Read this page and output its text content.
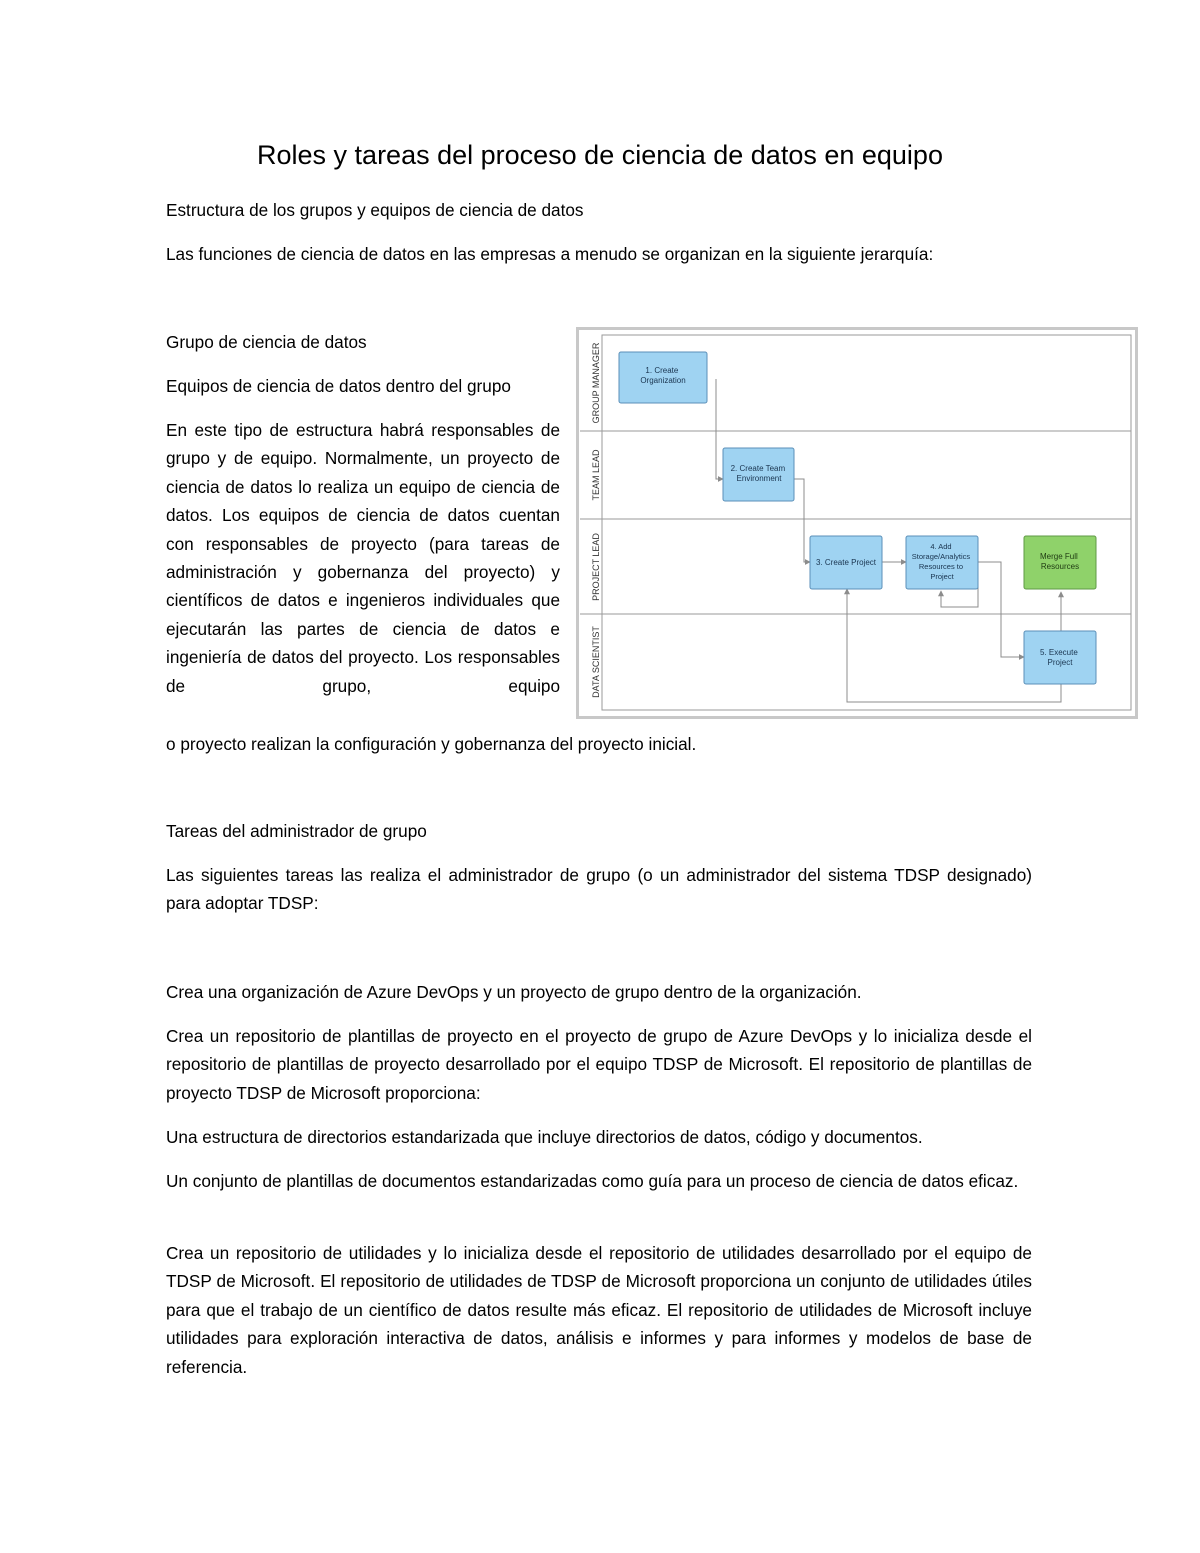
Roles y tareas del proceso de ciencia de datos en equipo

Estructura de los grupos y equipos de ciencia de datos

Las funciones de ciencia de datos en las empresas a menudo se organizan en la siguiente jerarquía:

Grupo de ciencia de datos

Equipos de ciencia de datos dentro del grupo

En este tipo de estructura habrá responsables de grupo y de equipo. Normalmente, un proyecto de ciencia de datos lo realiza un equipo de ciencia de datos. Los equipos de ciencia de datos cuentan con responsables de proyecto (para tareas de administración y gobernanza del proyecto) y científicos de datos e ingenieros individuales que ejecutarán las partes de ciencia de datos e ingeniería de datos del proyecto. Los responsables de grupo, equipo

o proyecto realizan la configuración y gobernanza del proyecto inicial.

GROUP MANAGER
TEAM LEAD
PROJECT LEAD
DATA SCIENTIST
1. Create Organization
2. Create Team Environment
3. Create Project
4. Add Storage/Analytics Resources to Project
Merge Full Resources
5. Execute Project

Tareas del administrador de grupo

Las siguientes tareas las realiza el administrador de grupo (o un administrador del sistema TDSP designado) para adoptar TDSP:

Crea una organización de Azure DevOps y un proyecto de grupo dentro de la organización.

Crea un repositorio de plantillas de proyecto en el proyecto de grupo de Azure DevOps y lo inicializa desde el repositorio de plantillas de proyecto desarrollado por el equipo TDSP de Microsoft. El repositorio de plantillas de proyecto TDSP de Microsoft proporciona:

Una estructura de directorios estandarizada que incluye directorios de datos, código y documentos.

Un conjunto de plantillas de documentos estandarizadas como guía para un proceso de ciencia de datos eficaz.

Crea un repositorio de utilidades y lo inicializa desde el repositorio de utilidades desarrollado por el equipo de TDSP de Microsoft. El repositorio de utilidades de TDSP de Microsoft proporciona un conjunto de utilidades útiles para que el trabajo de un científico de datos resulte más eficaz. El repositorio de utilidades de Microsoft incluye utilidades para exploración interactiva de datos, análisis e informes y para informes y modelos de base de referencia.
